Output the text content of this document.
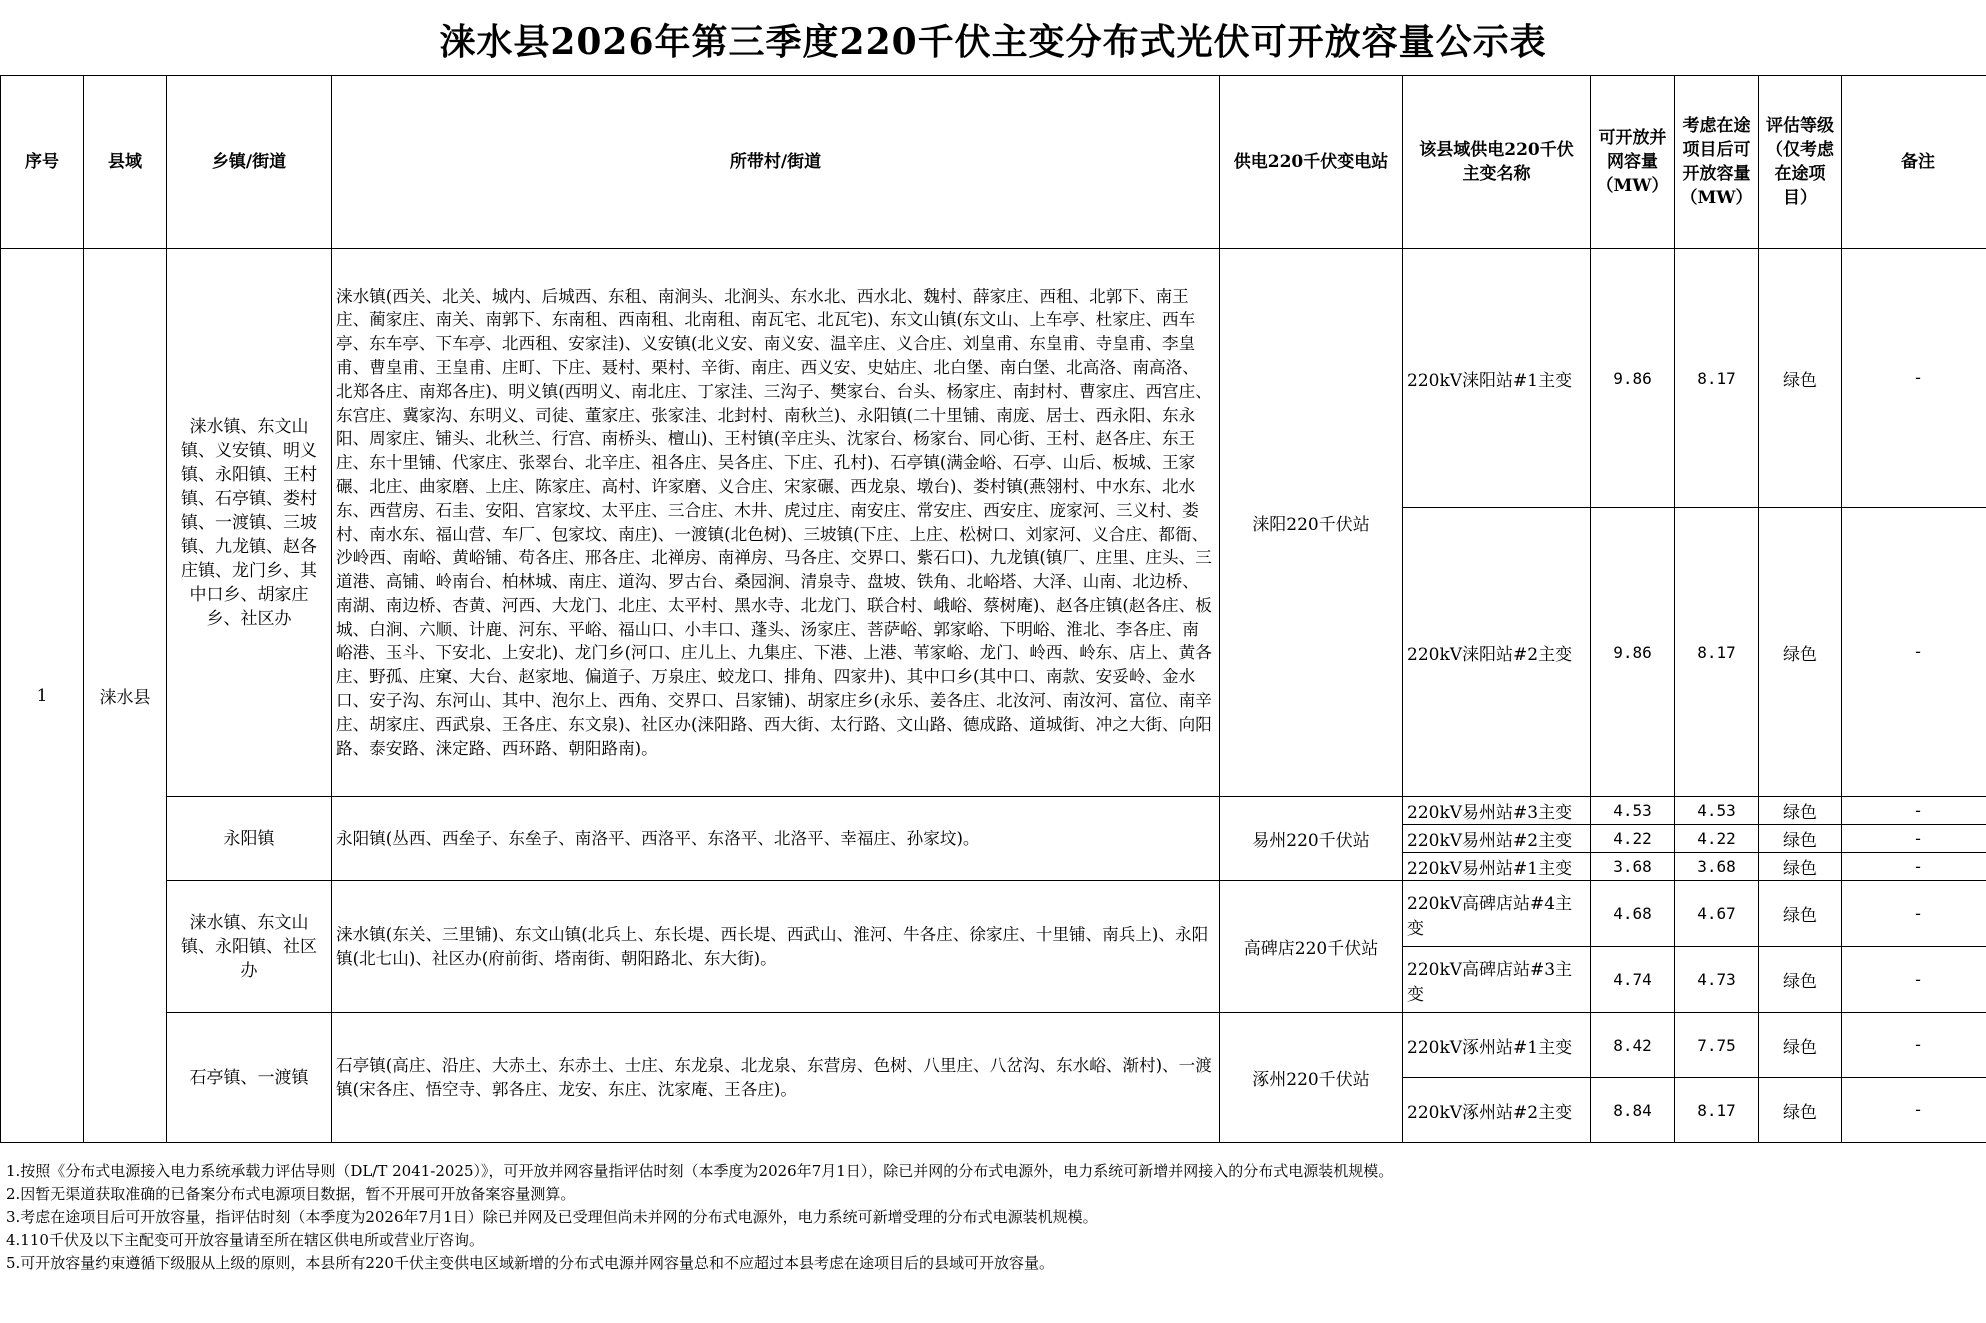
涞水县2026年第三季度220千伏主变分布式光伏可开放容量公示表
序号	县域	乡镇/街道	所带村/街道	供电220千伏变电站	该县域供电220千伏主变名称	可开放并网容量（MW）	考虑在途项目后可开放容量（MW）	评估等级（仅考虑在途项目）	备注
1	涞水县	涞水镇、东文山镇、义安镇、明义镇、永阳镇、王村镇、石亭镇、娄村镇、一渡镇、三坡镇、九龙镇、赵各庄镇、龙门乡、其中口乡、胡家庄乡、社区办	涞水镇(西关、北关、城内、后城西、东租、南涧头、北涧头、东水北、西水北、魏村、薛家庄、西租、北郭下、南王庄、蔺家庄、南关、南郭下、东南租、西南租、北南租、南瓦宅、北瓦宅)、东文山镇(东文山、上车亭、杜家庄、西车亭、东车亭、下车亭、北西租、安家洼)、义安镇(北义安、南义安、温辛庄、义合庄、刘皇甫、东皇甫、寺皇甫、李皇甫、曹皇甫、王皇甫、庄町、下庄、聂村、栗村、辛街、南庄、西义安、史姑庄、北白堡、南白堡、北高洛、南高洛、北郑各庄、南郑各庄)、明义镇(西明义、南北庄、丁家洼、三沟子、樊家台、台头、杨家庄、南封村、曹家庄、西宫庄、东宫庄、冀家沟、东明义、司徒、董家庄、张家洼、北封村、南秋兰)、永阳镇(二十里铺、南庞、居士、西永阳、东永阳、周家庄、铺头、北秋兰、行宫、南桥头、檀山)、王村镇(辛庄头、沈家台、杨家台、同心街、王村、赵各庄、东王庄、东十里铺、代家庄、张翠台、北辛庄、祖各庄、吴各庄、下庄、孔村)、石亭镇(满金峪、石亭、山后、板城、王家碾、北庄、曲家磨、上庄、陈家庄、高村、许家磨、义合庄、宋家碾、西龙泉、墩台)、娄村镇(燕翎村、中水东、北水东、西营房、石圭、安阳、宫家坟、太平庄、三合庄、木井、虎过庄、南安庄、常安庄、西安庄、庞家河、三义村、娄村、南水东、福山营、车厂、包家坟、南庄)、一渡镇(北色树)、三坡镇(下庄、上庄、松树口、刘家河、义合庄、都衙、沙岭西、南峪、黄峪铺、苟各庄、邢各庄、北禅房、南禅房、马各庄、交界口、紫石口)、九龙镇(镇厂、庄里、庄头、三道港、高铺、岭南台、柏林城、南庄、道沟、罗古台、桑园涧、清泉寺、盘坡、铁角、北峪塔、大泽、山南、北边桥、南湖、南边桥、杏黄、河西、大龙门、北庄、太平村、黑水寺、北龙门、联合村、峨峪、蔡树庵)、赵各庄镇(赵各庄、板城、白涧、六顺、计鹿、河东、平峪、福山口、小丰口、蓬头、汤家庄、菩萨峪、郭家峪、下明峪、淮北、李各庄、南峪港、玉斗、下安北、上安北)、龙门乡(河口、庄儿上、九集庄、下港、上港、苇家峪、龙门、岭西、岭东、店上、黄各庄、野孤、庄窠、大台、赵家地、偏道子、万泉庄、蛟龙口、排角、四家井)、其中口乡(其中口、南款、安妥岭、金水口、安子沟、东河山、其中、泡尔上、西角、交界口、吕家铺)、胡家庄乡(永乐、姜各庄、北汝河、南汝河、富位、南辛庄、胡家庄、西武泉、王各庄、东文泉)、社区办(涞阳路、西大街、太行路、文山路、德成路、道城街、冲之大街、向阳路、泰安路、涞定路、西环路、朝阳路南)。	涞阳220千伏站	220kV涞阳站#1主变	9.86	8.17	绿色	-
					220kV涞阳站#2主变	9.86	8.17	绿色	-
		永阳镇	永阳镇(丛西、西垒子、东垒子、南洛平、西洛平、东洛平、北洛平、幸福庄、孙家坟)。	易州220千伏站	220kV易州站#3主变	4.53	4.53	绿色	-
					220kV易州站#2主变	4.22	4.22	绿色	-
					220kV易州站#1主变	3.68	3.68	绿色	-
		涞水镇、东文山镇、永阳镇、社区办	涞水镇(东关、三里铺)、东文山镇(北兵上、东长堤、西长堤、西武山、淮河、牛各庄、徐家庄、十里铺、南兵上)、永阳镇(北七山)、社区办(府前街、塔南街、朝阳路北、东大街)。	高碑店220千伏站	220kV高碑店站#4主变	4.68	4.67	绿色	-
					220kV高碑店站#3主变	4.74	4.73	绿色	-
		石亭镇、一渡镇	石亭镇(高庄、沿庄、大赤土、东赤土、士庄、东龙泉、北龙泉、东营房、色树、八里庄、八岔沟、东水峪、渐村)、一渡镇(宋各庄、悟空寺、郭各庄、龙安、东庄、沈家庵、王各庄)。	涿州220千伏站	220kV涿州站#1主变	8.42	7.75	绿色	-
					220kV涿州站#2主变	8.84	8.17	绿色	-
1.按照《分布式电源接入电力系统承载力评估导则（DL/T 2041-2025）》，可开放并网容量指评估时刻（本季度为2026年7月1日），除已并网的分布式电源外，电力系统可新增并网接入的分布式电源装机规模。
2.因暂无渠道获取准确的已备案分布式电源项目数据，暂不开展可开放备案容量测算。
3.考虑在途项目后可开放容量，指评估时刻（本季度为2026年7月1日）除已并网及已受理但尚未并网的分布式电源外，电力系统可新增受理的分布式电源装机规模。
4.110千伏及以下主配变可开放容量请至所在辖区供电所或营业厅咨询。
5.可开放容量约束遵循下级服从上级的原则，本县所有220千伏主变供电区域新增的分布式电源并网容量总和不应超过本县考虑在途项目后的县域可开放容量。
